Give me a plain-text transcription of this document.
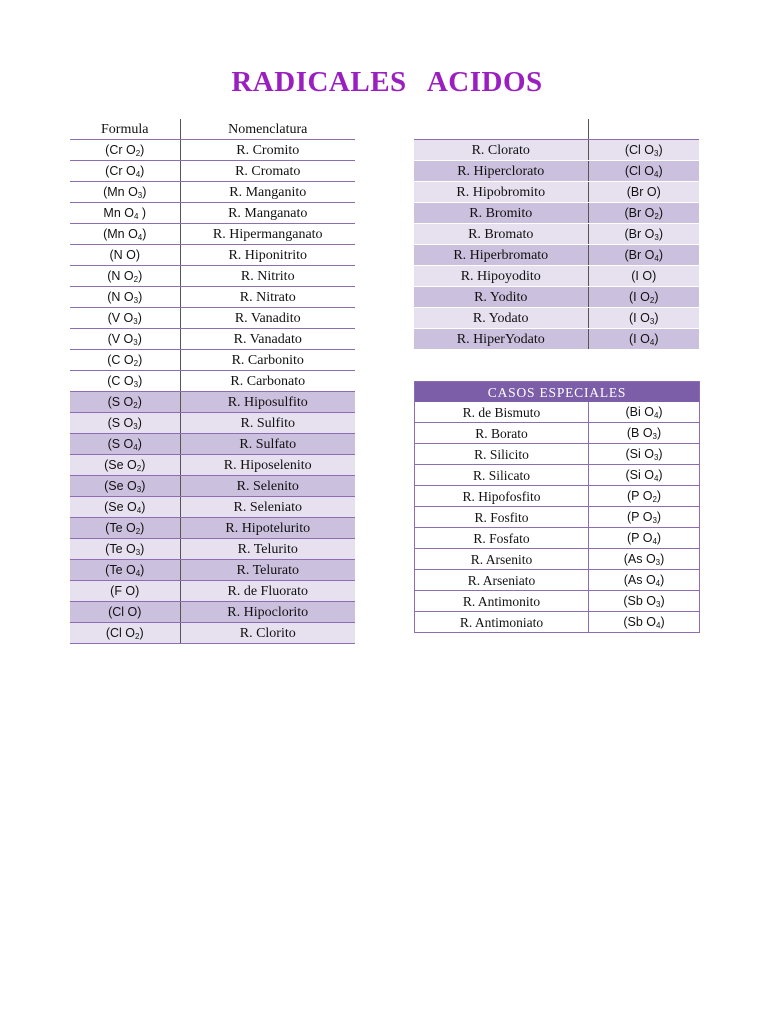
RADICALES ACIDOS
Formula	Nomenclatura
(Cr $O_2$)	R. Cromito
(Cr $O_4$)	R. Cromato
(Mn $O_3$)	R. Manganito
Mn $O_4$ )	R. Manganato
(Mn $O_4$)	R. Hipermanganato
(N O)	R. Hiponitrito
(N $O_2$)	R. Nitrito
(N $O_3$)	R. Nitrato
(V $O_3$)	R. Vanadito
(V $O_3$)	R. Vanadato
(C $O_2$)	R. Carbonito
(C $O_3$)	R. Carbonato
(S $O_2$)	R. Hiposulfito
(S $O_3$)	R. Sulfito
(S $O_4$)	R. Sulfato
(Se $O_2$)	R. Hiposelenito
(Se $O_3$)	R. Selenito
(Se $O_4$)	R. Seleniato
(Te $O_2$)	R. Hipotelurito
(Te $O_3$)	R. Telurito
(Te $O_4$)	R. Telurato
(F O)	R. de Fluorato
(Cl O)	R. Hipoclorito
(Cl $O_2$)	R. Clorito

R. Clorato	(Cl $O_3$)
R. Hiperclorato	(Cl $O_4$)
R. Hipobromito	(Br O)
R. Bromito	(Br $O_2$)
R. Bromato	(Br $O_3$)
R. Hiperbromato	(Br $O_4$)
R. Hipoyodito	(I O)
R. Yodito	(I $O_2$)
R. Yodato	(I $O_3$)
R. HiperYodato	(I $O_4$)
CASOS ESPECIALES	
R. de Bismuto	(Bi $O_4$)
R. Borato	(B $O_3$)
R. Silicito	(Si $O_3$)
R. Silicato	(Si $O_4$)
R. Hipofosfito	(P $O_2$)
R. Fosfito	(P $O_3$)
R. Fosfato	(P $O_4$)
R. Arsenito	(As $O_3$)
R. Arseniato	(As $O_4$)
R. Antimonito	(Sb $O_3$)
R. Antimoniato	(Sb $O_4$)
